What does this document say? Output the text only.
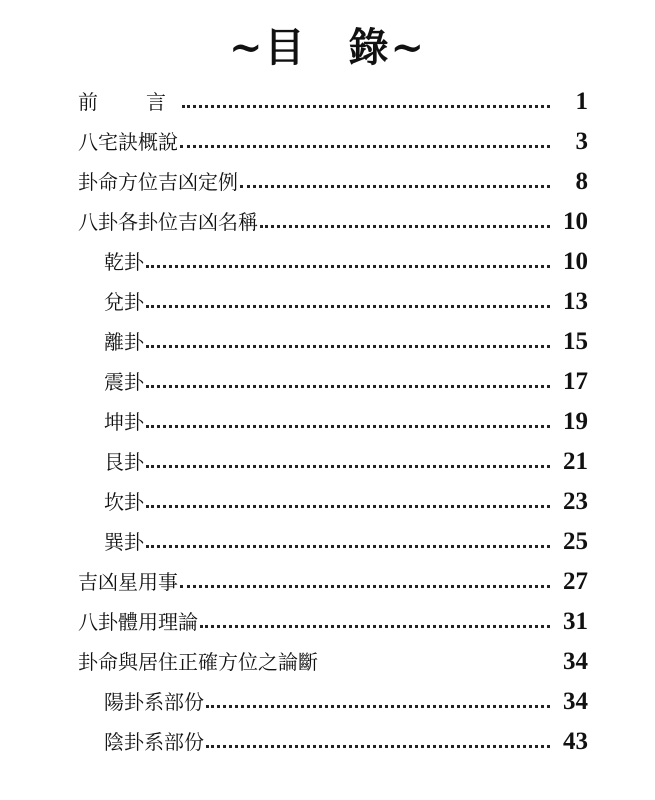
~目　錄~
前　言	1
八宅訣概說	3
卦命方位吉凶定例	8
八卦各卦位吉凶名稱	10
乾卦	10
兌卦	13
離卦	15
震卦	17
坤卦	19
艮卦	21
坎卦	23
巽卦	25
吉凶星用事	27
八卦體用理論	31
卦命與居住正確方位之論斷	34
陽卦系部份	34
陰卦系部份	43
